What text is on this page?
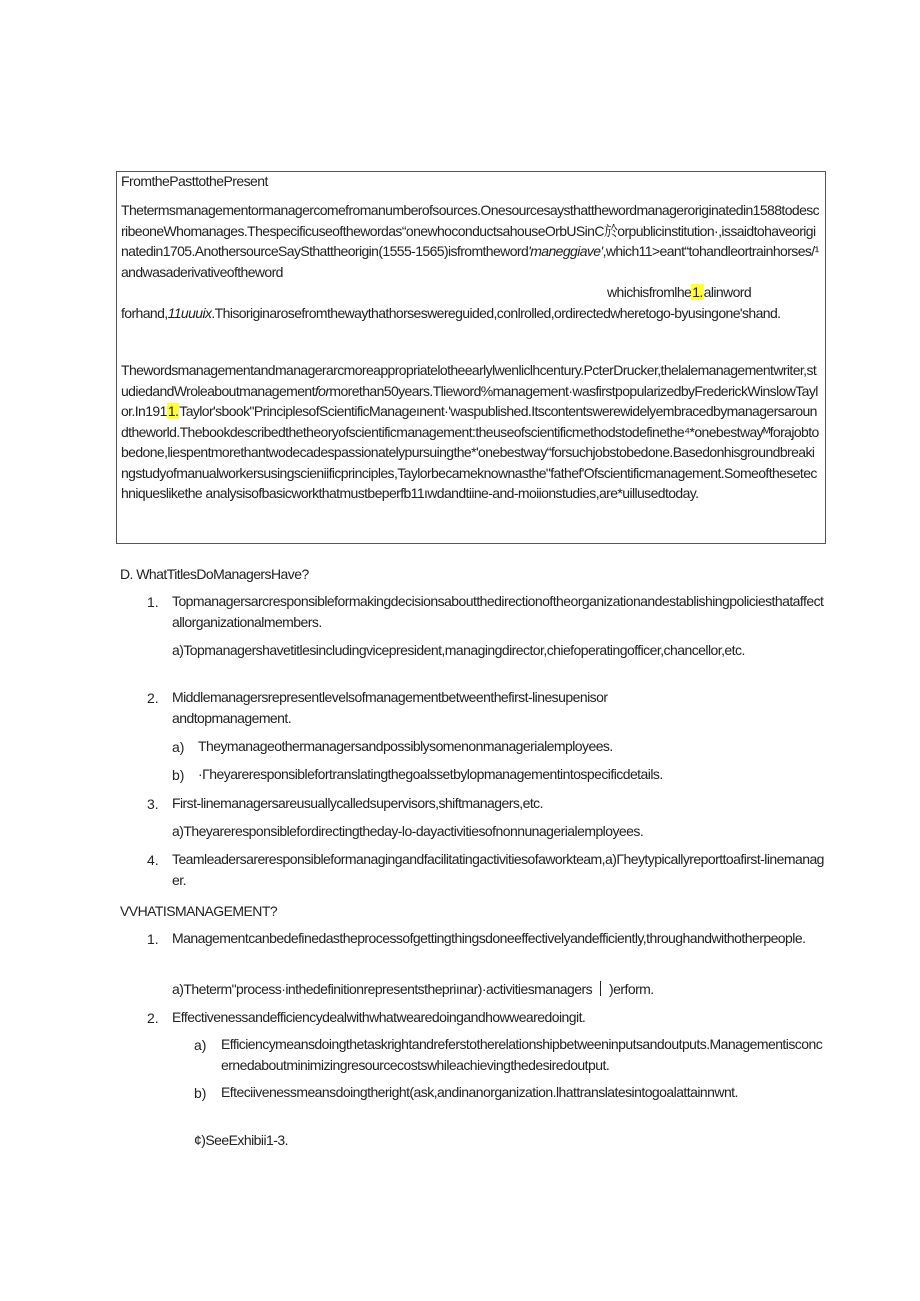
FromthePasttothePresent
Thetermsmanagementormanagercomefromanumberofsources.Onesourcesaysthatthewordmanageroriginatedin1588todescribeoneWhomanages.Thespecificuseofthewordas“onewhoconductsahouseOrbUSinC於orpublicinstitution·,issaidtohaveoriginatedin1705.AnothersourceSaySthattheorigin(1555-1565)isfromtheword'maneggiave',which11>eant“tohandleortrainhorses/¹andwasaderivativeoftheword
whichisfromlhe1.alinword
forhand,11uuuix.Thisoriginarosefromthewaythathorseswereguided,conlrolled,ordirectedwheretogo-byusingone'shand.
Thewordsmanagementandmanagerarcmoreappropriatelotheearlylwenliclhcentury.PcterDrucker,thelalemanagementwriter,studiedandWroleaboutmanagementformorethan50years.Tlieword%management·wasfirstpopularizedbyFrederickWinslowTaylor.In1911.Taylor'sbook"PrinciplesofScientificManageınent·'waspublished.Itscontentswerewidelyembracedbymanagersaroundtheworld.Thebookdescribedthetheoryofscientificmanagement:theuseofscientificmethodstodefinethe⁴*onebestwayᴹforajobtobedone,liespentmorethantwodecadespassionatelypursuingthe*'onebestway“forsuchjobstobedone.Basedonhisgroundbreakingstudyofmanualworkersusingscieniificprinciples,Taylorbecameknownasthe"fathef'Ofscientificmanagement.Someofthesetechniqueslikethe analysisofbasicworkthatmustbeperfb11ıwdandtiine-and-moiionstudies,are*uillusedtoday.
D. WhatTitlesDoManagersHave?
1. Topmanagersarcresponsibleformakingdecisionsaboutthedirectionoftheorganizationandestablishingpoliciesthataffectallorganizationalmembers.
a)Topmanagershavetitlesincludingvicepresident,managingdirector,chiefoperatingofficer,chancellor,etc.
2. Middlemanagersrepresentlevelsofmanagementbetweenthefirst-linesupenisorandtopmanagement.
a) Theymanageothermanagersandpossiblysomenonmanagerialemployees.
b) ·Γheyareresponsiblefortranslatingthegoalssetbylopmanagementintospecificdetails.
3. First-linemanagersareusuallycalledsupervisors,shiftmanagers,etc.
a)Theyareresponsiblefordirectingtheday-lo-dayactivitiesofnonnunagerialemployees.
4. Teamleadersareresponsibleformanagingandfacilitatingactivitiesofaworkteam,a)Γheytypicallyreporttoafirst-linemanager.
VVHATISMANAGEMENT?
1. Managementcanbedefinedastheprocessofgettingthingsdoneeffectivelyandefficiently,throughandwithotherpeople.
a)Theterm"process·inthedefinitionrepresentsthepriınar)·activitiesmanagers )erform.
2. Effectivenessandefficiencydealwithwhatwearedoingandhowwearedoingit.
a) Efficiencymeansdoingthetaskrightandreferstotherelationshipbetweeninputsandoutputs.Managementisconcernedaboutminimizingresourcecostswhileachievingthedesiredoutput.
b) Efteciivenessmeansdoingtheright(ask,andinanorganization.lhattranslatesintogoalattainnwnt.
¢)SeeExhibii1-3.
